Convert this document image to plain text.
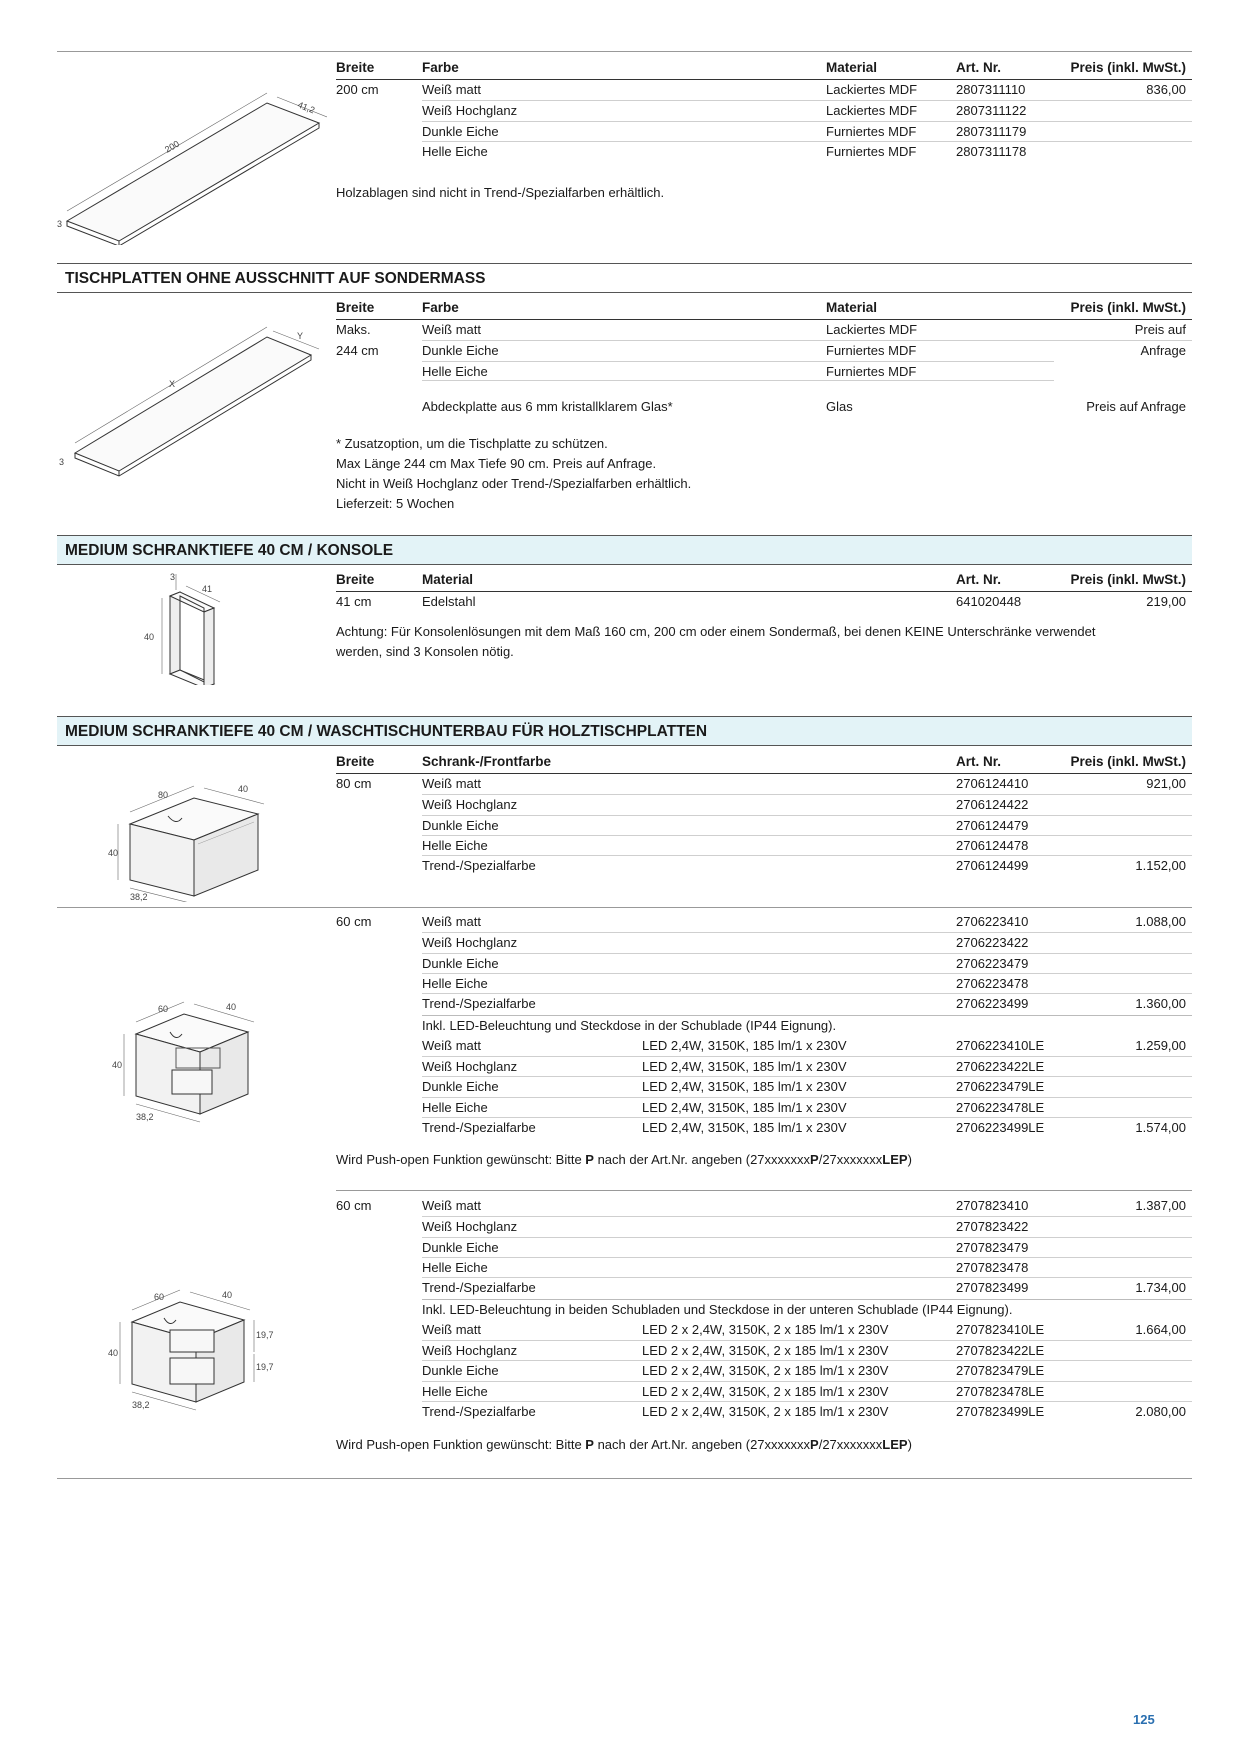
200
41,2
3
Breite	Farbe	Material	Art. Nr.	Preis (inkl. MwSt.)
200 cm	Weiß matt	Lackiertes MDF	2807311110	836,00
Weiß Hochglanz	Lackiertes MDF	2807311122
Dunkle Eiche	Furniertes MDF	2807311179
Helle Eiche	Furniertes MDF	2807311178
Holzablagen sind nicht in Trend-/Spezialfarben erhältlich.
TISCHPLATTEN OHNE AUSSCHNITT AUF SONDERMASS
X
Y
3
Breite	Farbe	Material	Preis (inkl. MwSt.)
Maks.	Weiß matt	Lackiertes MDF	Preis auf
244 cm	Dunkle Eiche	Furniertes MDF	Anfrage
Helle Eiche	Furniertes MDF
Abdeckplatte aus 6 mm kristallklarem Glas*	Glas	Preis auf Anfrage
* Zusatzoption, um die Tischplatte zu schützen.
Max Länge 244 cm Max Tiefe 90 cm. Preis auf Anfrage.
Nicht in Weiß Hochglanz oder Trend-/Spezialfarben erhältlich.
Lieferzeit: 5 Wochen
MEDIUM SCHRANKTIEFE 40 CM / KONSOLE
3
41
40
Breite	Material	Art. Nr.	Preis (inkl. MwSt.)
41 cm	Edelstahl	641020448	219,00
Achtung: Für Konsolenlösungen mit dem Maß 160 cm, 200 cm oder einem Sondermaß, bei denen KEINE Unterschränke verwendet
werden, sind 3 Konsolen nötig.
MEDIUM SCHRANKTIEFE 40 CM / WASCHTISCHUNTERBAU FÜR HOLZTISCHPLATTEN
80
40
40
38,2
Breite	Schrank-/Frontfarbe	Art. Nr.	Preis (inkl. MwSt.)
80 cm	Weiß matt	2706124410	921,00
Weiß Hochglanz	2706124422
Dunkle Eiche	2706124479
Helle Eiche	2706124478
Trend-/Spezialfarbe	2706124499	1.152,00
60	40
40
38,2
60 cm	Weiß matt	2706223410	1.088,00
Weiß Hochglanz	2706223422
Dunkle Eiche	2706223479
Helle Eiche	2706223478
Trend-/Spezialfarbe	2706223499	1.360,00
Inkl. LED-Beleuchtung und Steckdose in der Schublade (IP44 Eignung).
Weiß matt	LED 2,4W, 3150K, 185 lm/1 x 230V	2706223410LE	1.259,00
Weiß Hochglanz	LED 2,4W, 3150K, 185 lm/1 x 230V	2706223422LE
Dunkle Eiche	LED 2,4W, 3150K, 185 lm/1 x 230V	2706223479LE
Helle Eiche	LED 2,4W, 3150K, 185 lm/1 x 230V	2706223478LE
Trend-/Spezialfarbe	LED 2,4W, 3150K, 185 lm/1 x 230V	2706223499LE	1.574,00
Wird Push-open Funktion gewünscht: Bitte P nach der Art.Nr. angeben (27xxxxxxxP/27xxxxxxxLEP)
60	40
40
38,2
19,7
19,7
60 cm	Weiß matt	2707823410	1.387,00
Weiß Hochglanz	2707823422
Dunkle Eiche	2707823479
Helle Eiche	2707823478
Trend-/Spezialfarbe	2707823499	1.734,00
Inkl. LED-Beleuchtung in beiden Schubladen und Steckdose in der unteren Schublade (IP44 Eignung).
Weiß matt	LED 2 x 2,4W, 3150K, 2 x 185 lm/1 x 230V	2707823410LE	1.664,00
Weiß Hochglanz	LED 2 x 2,4W, 3150K, 2 x 185 lm/1 x 230V	2707823422LE
Dunkle Eiche	LED 2 x 2,4W, 3150K, 2 x 185 lm/1 x 230V	2707823479LE
Helle Eiche	LED 2 x 2,4W, 3150K, 2 x 185 lm/1 x 230V	2707823478LE
Trend-/Spezialfarbe	LED 2 x 2,4W, 3150K, 2 x 185 lm/1 x 230V	2707823499LE	2.080,00
Wird Push-open Funktion gewünscht: Bitte P nach der Art.Nr. angeben (27xxxxxxxP/27xxxxxxxLEP)
125
